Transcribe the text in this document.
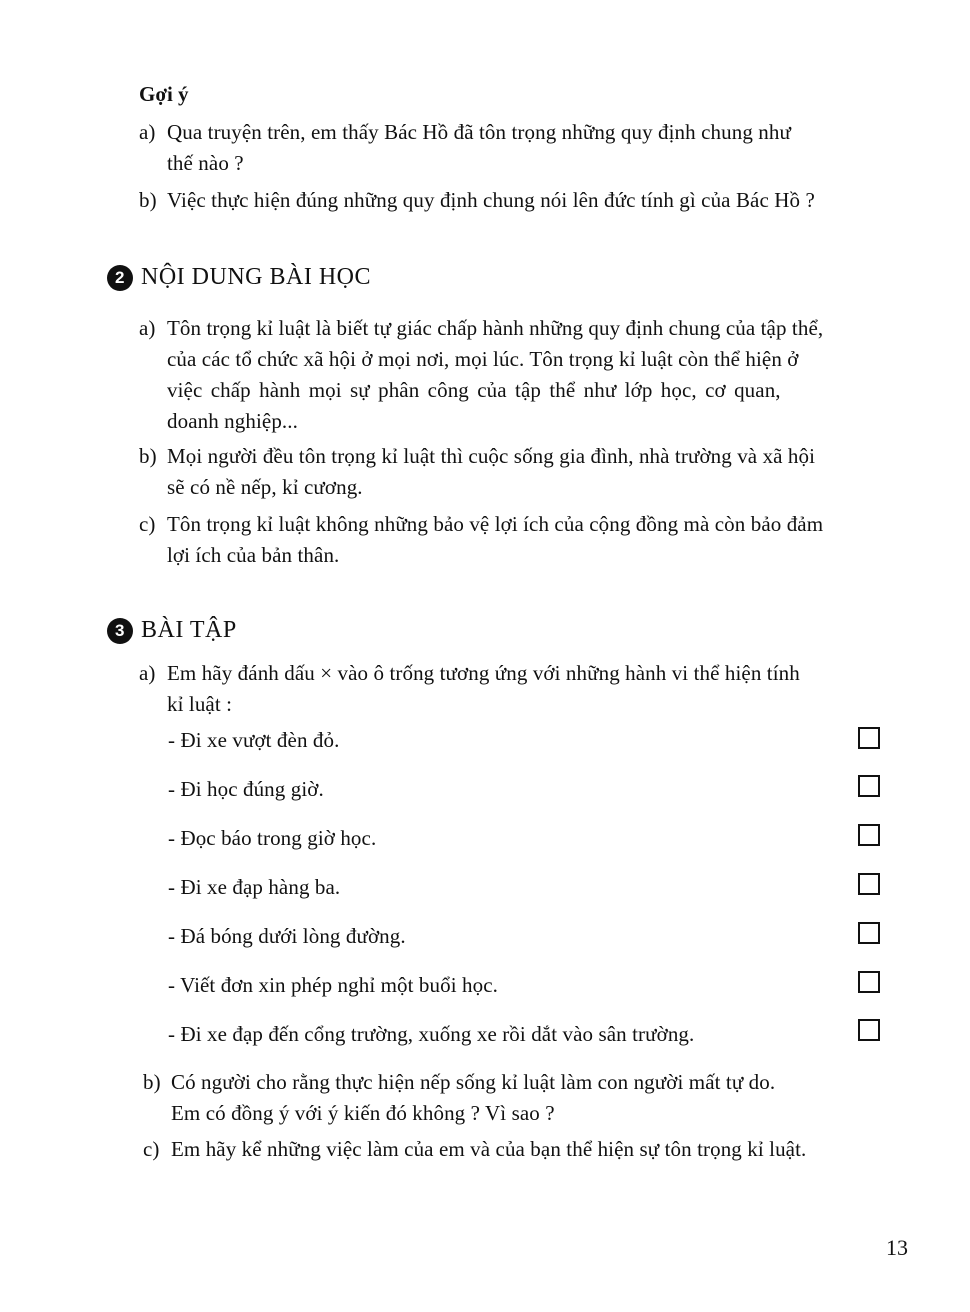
Gợi ý
a) Qua truyện trên, em thấy Bác Hồ đã tôn trọng những quy định chung như
thế nào ?
b) Việc thực hiện đúng những quy định chung nói lên đức tính gì của Bác Hồ ?
2 NỘI DUNG BÀI HỌC
a) Tôn trọng kỉ luật là biết tự giác chấp hành những quy định chung của tập thể,
của các tổ chức xã hội ở mọi nơi, mọi lúc. Tôn trọng kỉ luật còn thể hiện ở
việc chấp hành mọi sự phân công của tập thể như lớp học, cơ quan,
doanh nghiệp...
b) Mọi người đều tôn trọng kỉ luật thì cuộc sống gia đình, nhà trường và xã hội
sẽ có nề nếp, kỉ cương.
c) Tôn trọng kỉ luật không những bảo vệ lợi ích của cộng đồng mà còn bảo đảm
lợi ích của bản thân.
3 BÀI TẬP
a) Em hãy đánh dấu × vào ô trống tương ứng với những hành vi thể hiện tính
kỉ luật :
- Đi xe vượt đèn đỏ.
- Đi học đúng giờ.
- Đọc báo trong giờ học.
- Đi xe đạp hàng ba.
- Đá bóng dưới lòng đường.
- Viết đơn xin phép nghỉ một buổi học.
- Đi xe đạp đến cổng trường, xuống xe rồi dắt vào sân trường.
b) Có người cho rằng thực hiện nếp sống kỉ luật làm con người mất tự do.
Em có đồng ý với ý kiến đó không ? Vì sao ?
c) Em hãy kể những việc làm của em và của bạn thể hiện sự tôn trọng kỉ luật.
13
